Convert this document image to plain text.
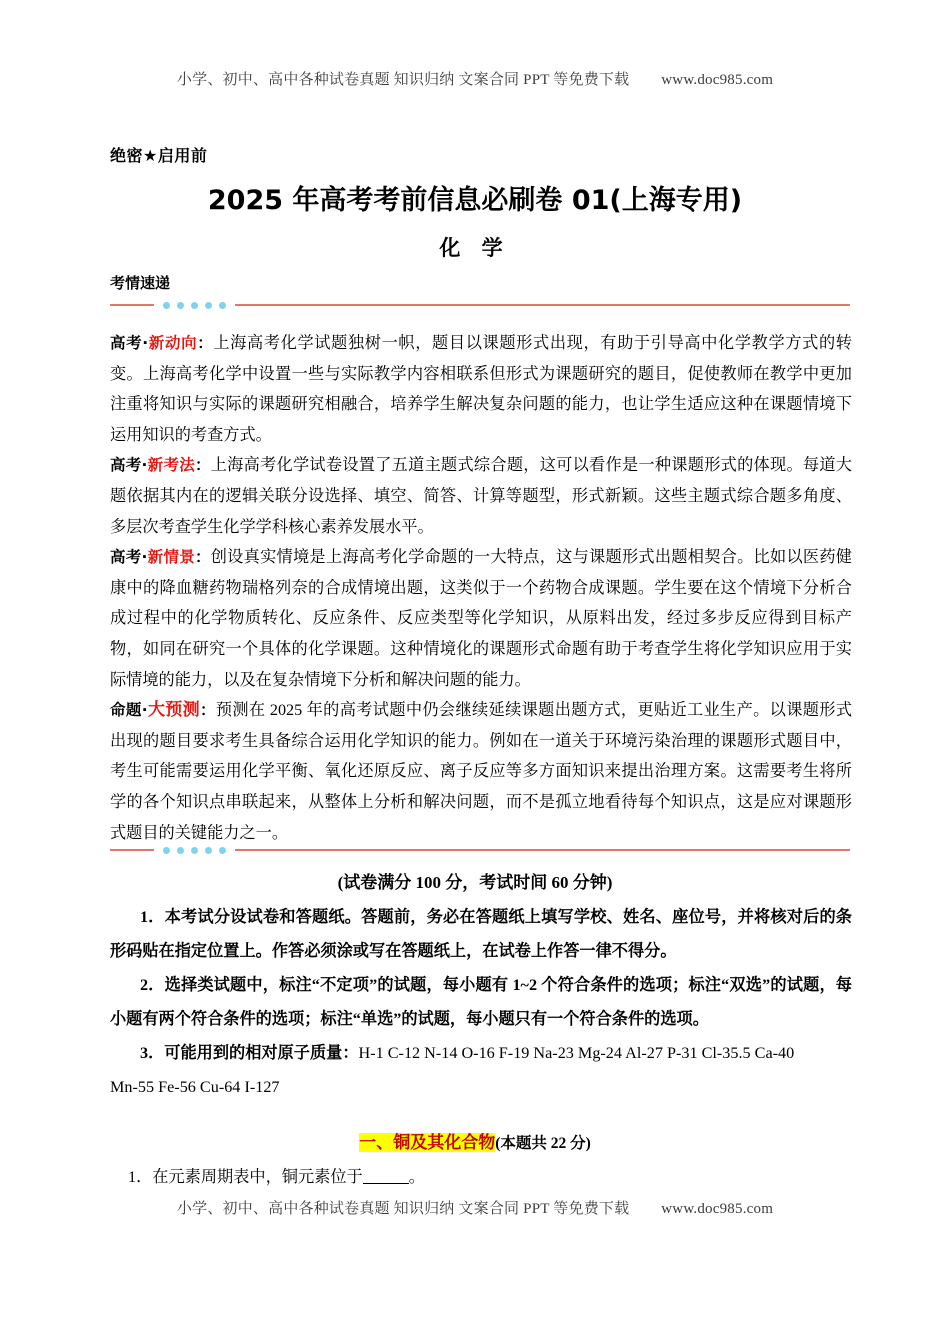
小学、初中、高中各种试卷真题 知识归纳 文案合同 PPT 等免费下载 www.doc985.com
绝密★启用前
2025 年高考考前信息必刷卷 01(上海专用)
化 学
考情速递

高考·新动向：上海高考化学试题独树一帜，题目以课题形式出现，有助于引导高中化学教学方式的转变。上海高考化学中设置一些与实际教学内容相联系但形式为课题研究的题目，促使教师在教学中更加注重将知识与实际的课题研究相融合，培养学生解决复杂问题的能力，也让学生适应这种在课题情境下运用知识的考查方式。

高考·新考法：上海高考化学试卷设置了五道主题式综合题，这可以看作是一种课题形式的体现。每道大题依据其内在的逻辑关联分设选择、填空、简答、计算等题型，形式新颖。这些主题式综合题多角度、多层次考查学生化学学科核心素养发展水平。

高考·新情景：创设真实情境是上海高考化学命题的一大特点，这与课题形式出题相契合。比如以医药健康中的降血糖药物瑞格列奈的合成情境出题，这类似于一个药物合成课题。学生要在这个情境下分析合成过程中的化学物质转化、反应条件、反应类型等化学知识，从原料出发，经过多步反应得到目标产物，如同在研究一个具体的化学课题。这种情境化的课题形式命题有助于考查学生将化学知识应用于实际情境的能力，以及在复杂情境下分析和解决问题的能力。

命题·大预测：预测在 2025 年的高考试题中仍会继续延续课题出题方式，更贴近工业生产。以课题形式出现的题目要求考生具备综合运用化学知识的能力。例如在一道关于环境污染治理的课题形式题目中，考生可能需要运用化学平衡、氧化还原反应、离子反应等多方面知识来提出治理方案。这需要考生将所学的各个知识点串联起来，从整体上分析和解决问题，而不是孤立地看待每个知识点，这是应对课题形式题目的关键能力之一。

(试卷满分 100 分，考试时间 60 分钟)

1．本考试分设试卷和答题纸。答题前，务必在答题纸上填写学校、姓名、座位号，并将核对后的条形码贴在指定位置上。作答必须涂或写在答题纸上，在试卷上作答一律不得分。

2．选择类试题中，标注“不定项”的试题，每小题有 1~2 个符合条件的选项；标注“双选”的试题，每小题有两个符合条件的选项；标注“单选”的试题，每小题只有一个符合条件的选项。

3．可能用到的相对原子质量：H-1 C-12 N-14 O-16 F-19 Na-23 Mg-24 Al-27 P-31 Cl-35.5 Ca-40

Mn-55 Fe-56 Cu-64 I-127

一、铜及其化合物(本题共 22 分)
1．在元素周期表中，铜元素位于	。
小学、初中、高中各种试卷真题 知识归纳 文案合同 PPT 等免费下载 www.doc985.com
